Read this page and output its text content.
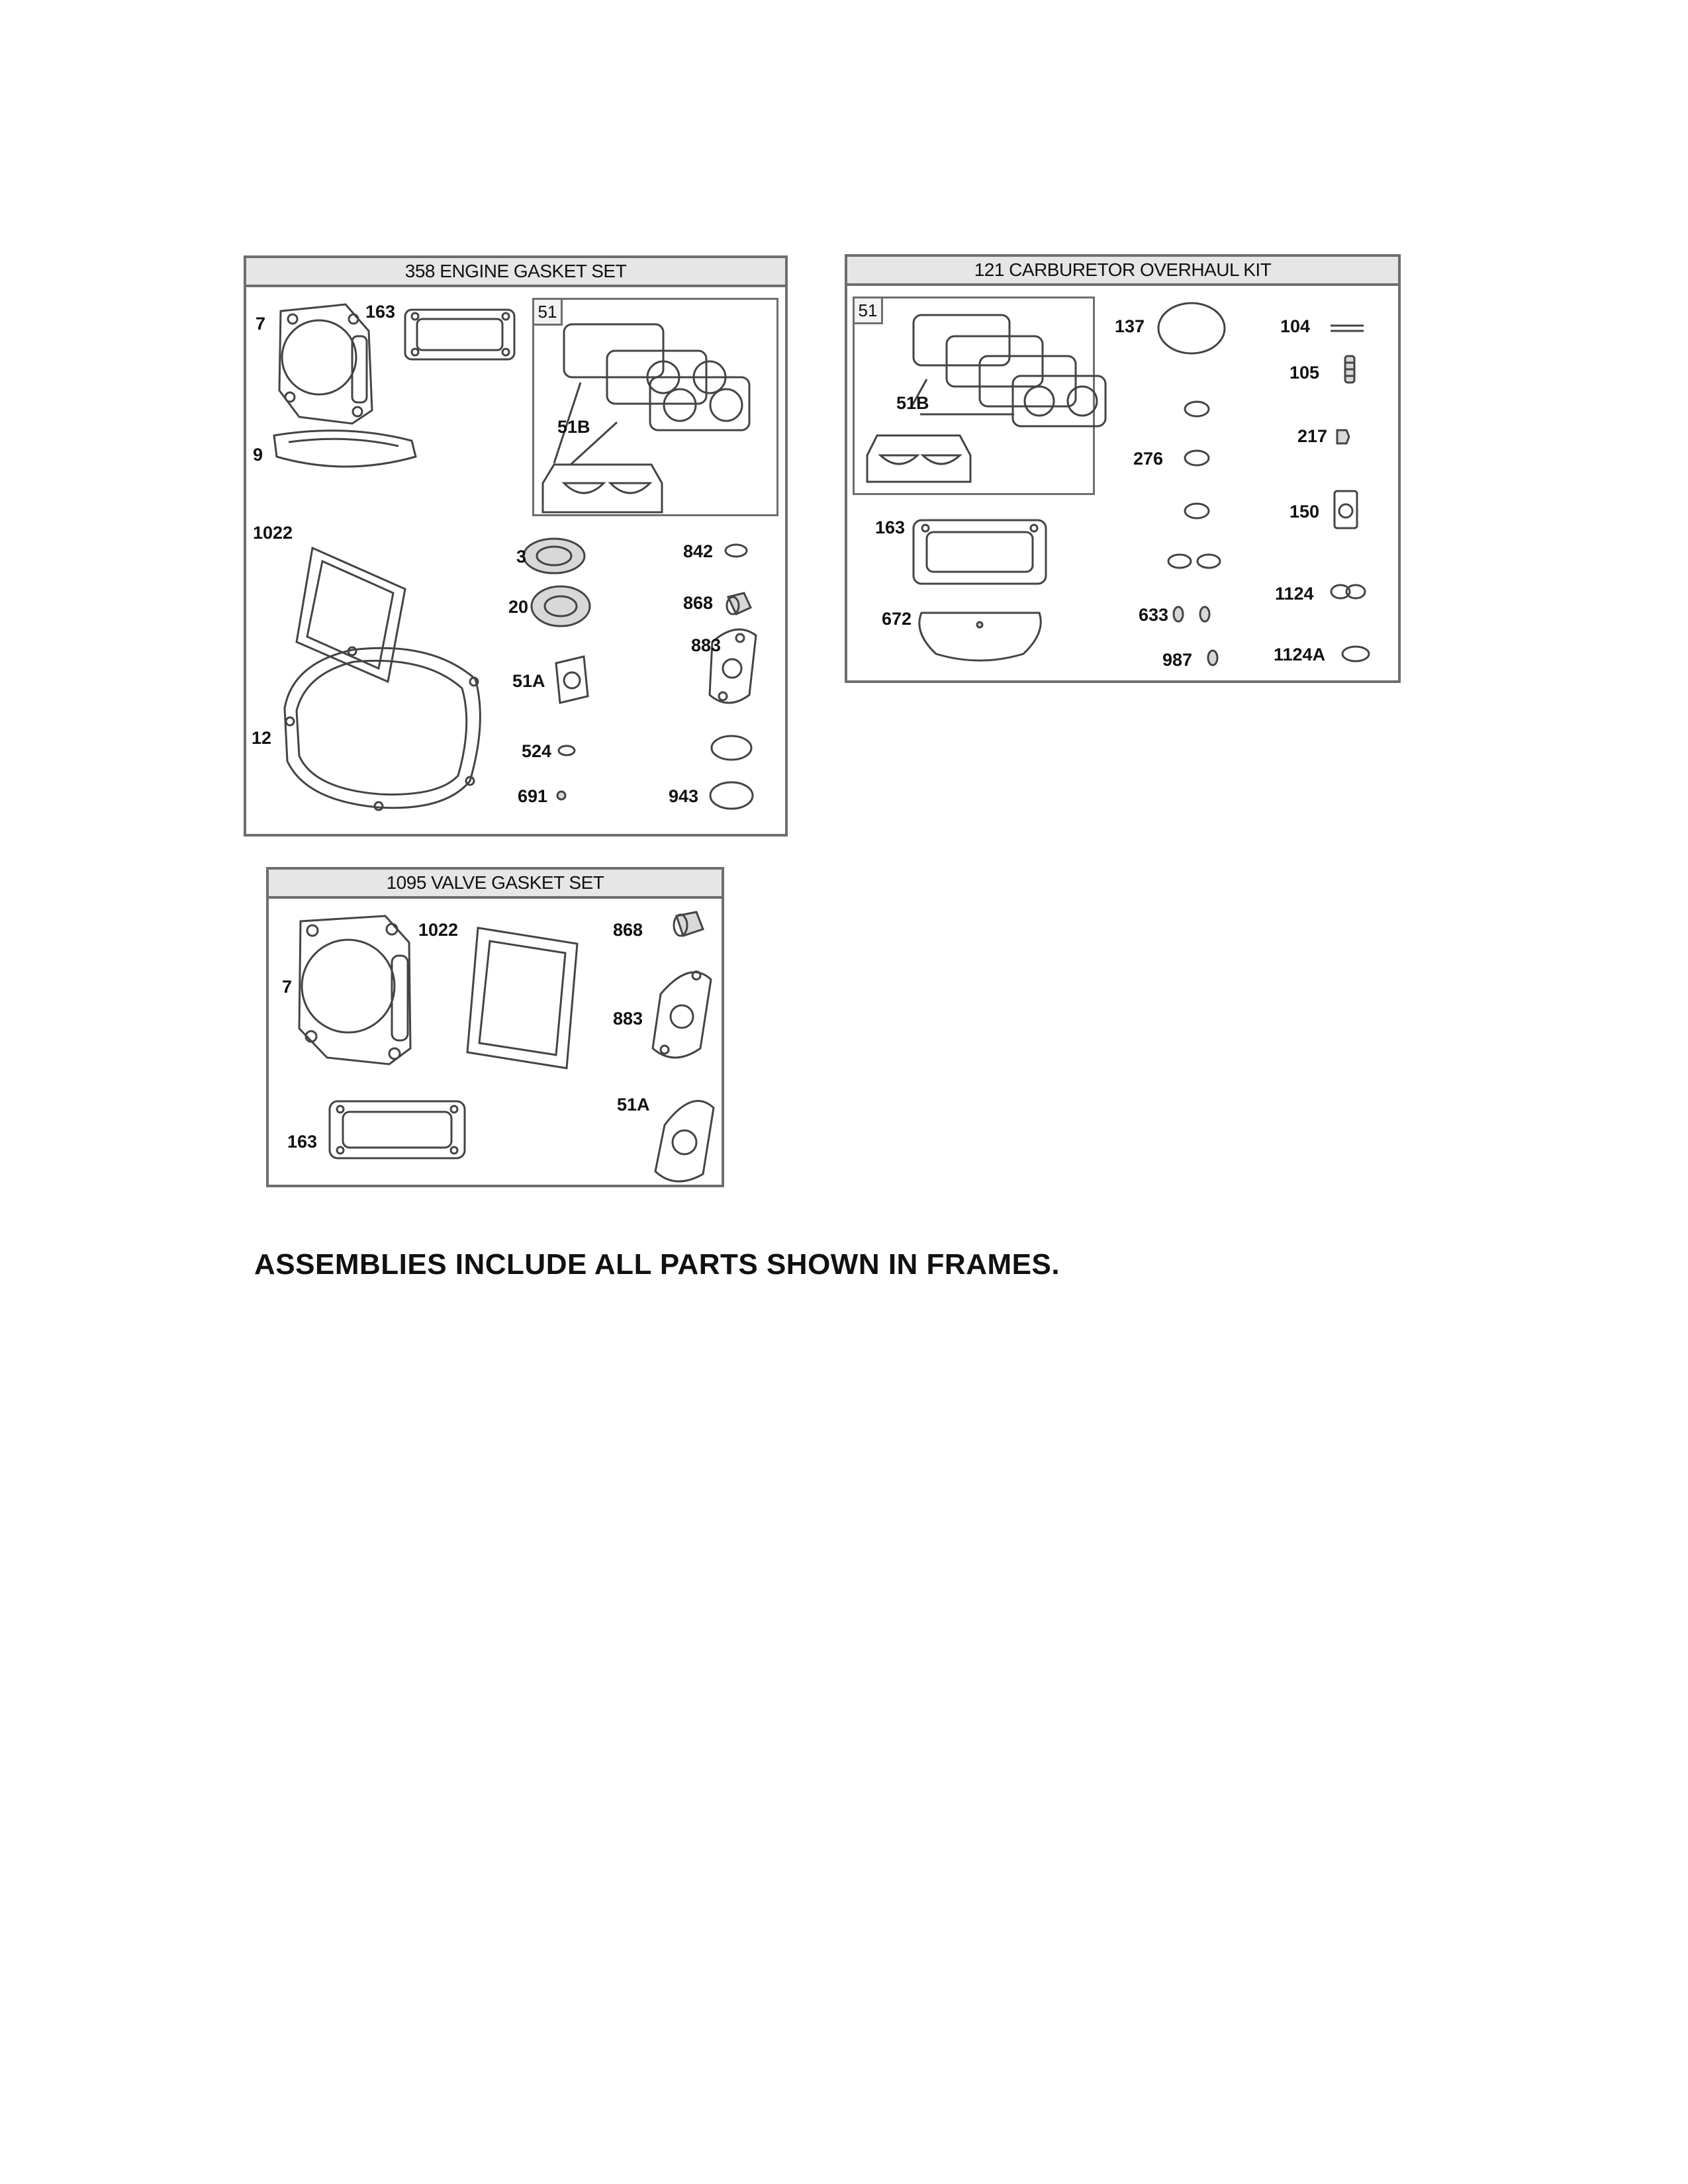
358 ENGINE GASKET SET
51
7
163
51B
9
1022
3	842
20	868
883
51A
12
524
691	943
121 CARBURETOR OVERHAUL KIT
51
51B
137	104
105
217
276
150
163
1124
672	633
987	1124A
1095 VALVE GASKET SET
1022	868
7
883
51A
163
ASSEMBLIES INCLUDE ALL PARTS SHOWN IN FRAMES.
